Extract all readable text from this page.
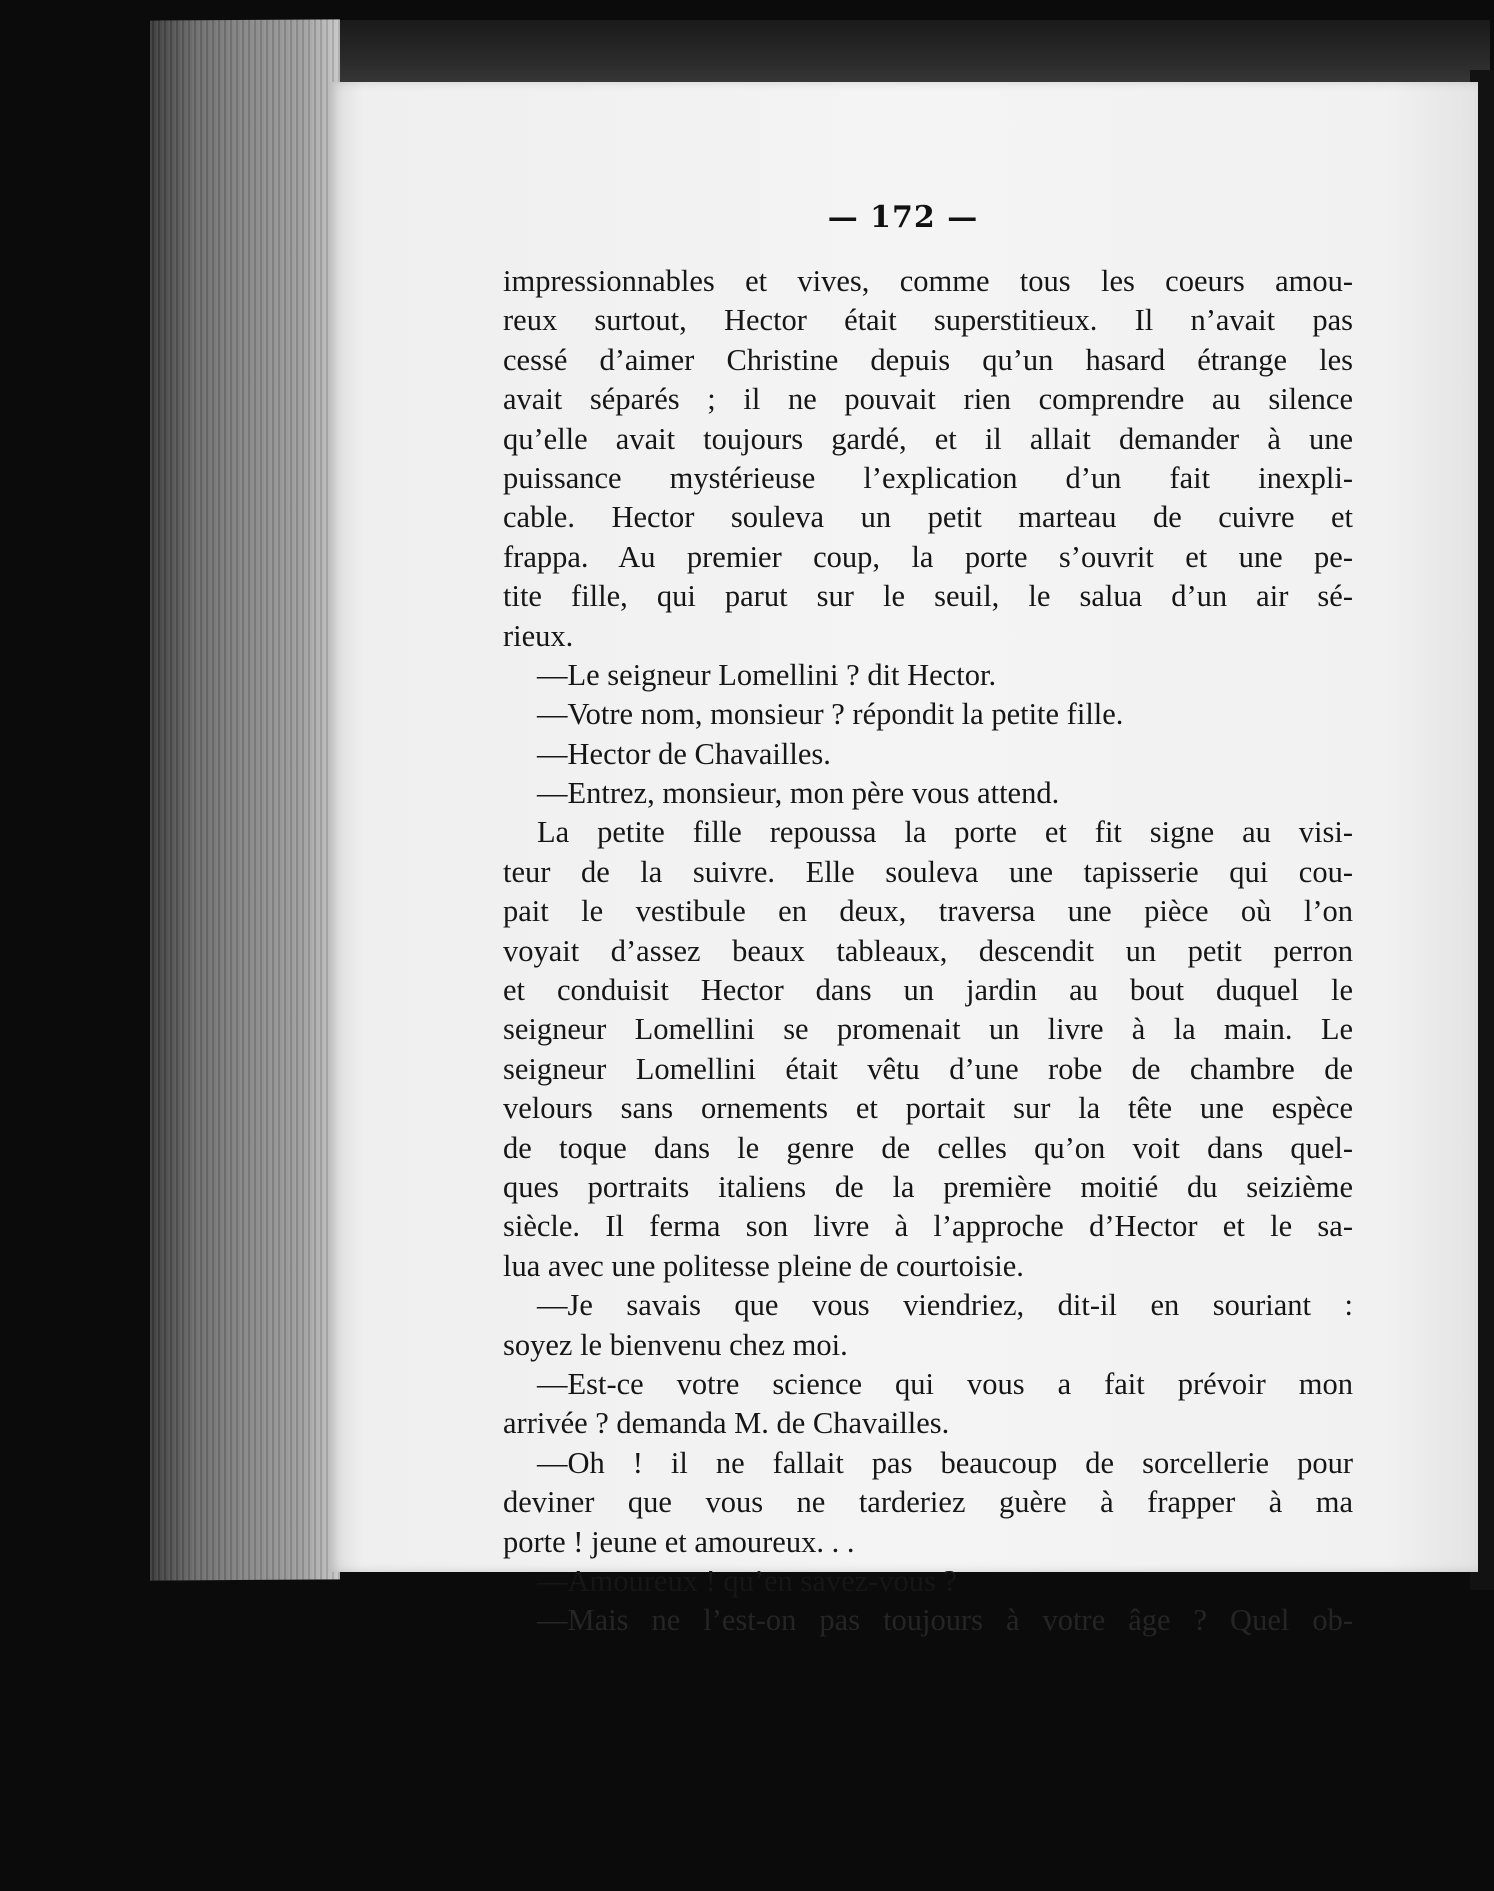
— 172 —
impressionnables et vives, comme tous les coeurs amou-
reux surtout, Hector était superstitieux. Il n’avait pas
cessé d’aimer Christine depuis qu’un hasard étrange les
avait séparés ; il ne pouvait rien comprendre au silence
qu’elle avait toujours gardé, et il allait demander à une
puissance mystérieuse l’explication d’un fait inexpli-
cable. Hector souleva un petit marteau de cuivre et
frappa. Au premier coup, la porte s’ouvrit et une pe-
tite fille, qui parut sur le seuil, le salua d’un air sé-
rieux.
—Le seigneur Lomellini ? dit Hector.
—Votre nom, monsieur ? répondit la petite fille.
—Hector de Chavailles.
—Entrez, monsieur, mon père vous attend.
La petite fille repoussa la porte et fit signe au visi-
teur de la suivre. Elle souleva une tapisserie qui cou-
pait le vestibule en deux, traversa une pièce où l’on
voyait d’assez beaux tableaux, descendit un petit perron
et conduisit Hector dans un jardin au bout duquel le
seigneur Lomellini se promenait un livre à la main. Le
seigneur Lomellini était vêtu d’une robe de chambre de
velours sans ornements et portait sur la tête une espèce
de toque dans le genre de celles qu’on voit dans quel-
ques portraits italiens de la première moitié du seizième
siècle. Il ferma son livre à l’approche d’Hector et le sa-
lua avec une politesse pleine de courtoisie.
—Je savais que vous viendriez, dit-il en souriant :
soyez le bienvenu chez moi.
—Est-ce votre science qui vous a fait prévoir mon
arrivée ? demanda M. de Chavailles.
—Oh ! il ne fallait pas beaucoup de sorcellerie pour
deviner que vous ne tarderiez guère à frapper à ma
porte ! jeune et amoureux. . .
—Amoureux ! qu’en savez-vous ?
—Mais ne l’est-on pas toujours à votre âge ? Quel ob-
